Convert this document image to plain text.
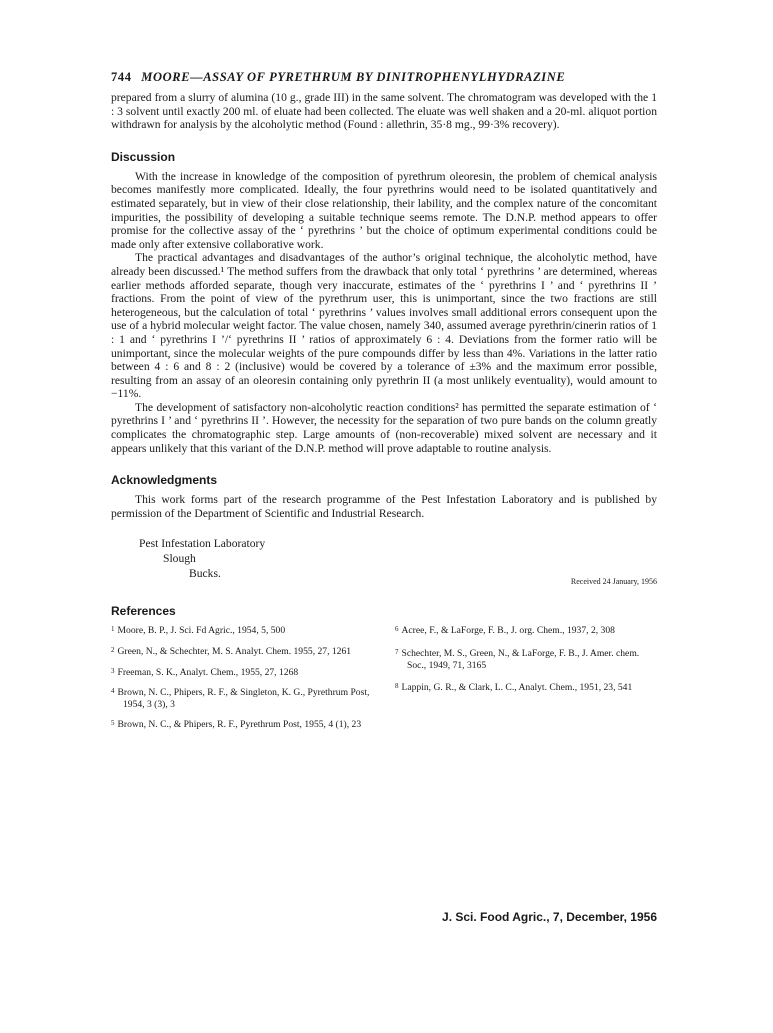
744 MOORE—ASSAY OF PYRETHRUM BY DINITROPHENYLHYDRAZINE

prepared from a slurry of alumina (10 g., grade III) in the same solvent. The chromatogram was developed with the 1 : 3 solvent until exactly 200 ml. of eluate had been collected. The eluate was well shaken and a 20-ml. aliquot portion withdrawn for analysis by the alcoholytic method (Found : allethrin, 35·8 mg., 99·3% recovery).

Discussion

With the increase in knowledge of the composition of pyrethrum oleoresin, the problem of chemical analysis becomes manifestly more complicated. Ideally, the four pyrethrins would need to be isolated quantitatively and estimated separately, but in view of their close relationship, their lability, and the complex nature of the concomitant impurities, the possibility of developing a suitable technique seems remote. The D.N.P. method appears to offer promise for the collective assay of the ‘ pyrethrins ’ but the choice of optimum experimental conditions could be made only after extensive collaborative work.

The practical advantages and disadvantages of the author’s original technique, the alcoholytic method, have already been discussed.¹ The method suffers from the drawback that only total ‘ pyrethrins ’ are determined, whereas earlier methods afforded separate, though very inaccurate, estimates of the ‘ pyrethrins I ’ and ‘ pyrethrins II ’ fractions. From the point of view of the pyrethrum user, this is unimportant, since the two fractions are still heterogeneous, but the calculation of total ‘ pyrethrins ’ values involves small additional errors consequent upon the use of a hybrid molecular weight factor. The value chosen, namely 340, assumed average pyrethrin/cinerin ratios of 1 : 1 and ‘ pyrethrins I ’/‘ pyrethrins II ’ ratios of approximately 6 : 4. Deviations from the former ratio will be unimportant, since the molecular weights of the pure compounds differ by less than 4%. Variations in the latter ratio between 4 : 6 and 8 : 2 (inclusive) would be covered by a tolerance of ±3% and the maximum error possible, resulting from an assay of an oleoresin containing only pyrethrin II (a most unlikely eventuality), would amount to −11%.

The development of satisfactory non-alcoholytic reaction conditions² has permitted the separate estimation of ‘ pyrethrins I ’ and ‘ pyrethrins II ’. However, the necessity for the separation of two pure bands on the column greatly complicates the chromatographic step. Large amounts of (non-recoverable) mixed solvent are necessary and it appears unlikely that this variant of the D.N.P. method will prove adaptable to routine analysis.

Acknowledgments

This work forms part of the research programme of the Pest Infestation Laboratory and is published by permission of the Department of Scientific and Industrial Research.

Pest Infestation Laboratory
Slough
Bucks.
Received 24 January, 1956
References
$^1$ Moore, B. P., J. Sci. Fd Agric., 1954, 5, 500
$^2$ Green, N., & Schechter, M. S. Analyt. Chem. 1955, 27, 1261
$^3$ Freeman, S. K., Analyt. Chem., 1955, 27, 1268
$^4$ Brown, N. C., Phipers, R. F., & Singleton, K. G., Pyrethrum Post, 1954, 3 (3), 3
$^5$ Brown, N. C., & Phipers, R. F., Pyrethrum Post, 1955, 4 (1), 23
$^6$ Acree, F., & LaForge, F. B., J. org. Chem., 1937, 2, 308
$^7$ Schechter, M. S., Green, N., & LaForge, F. B., J. Amer. chem. Soc., 1949, 71, 3165
$^8$ Lappin, G. R., & Clark, L. C., Analyt. Chem., 1951, 23, 541
J. Sci. Food Agric., 7, December, 1956
